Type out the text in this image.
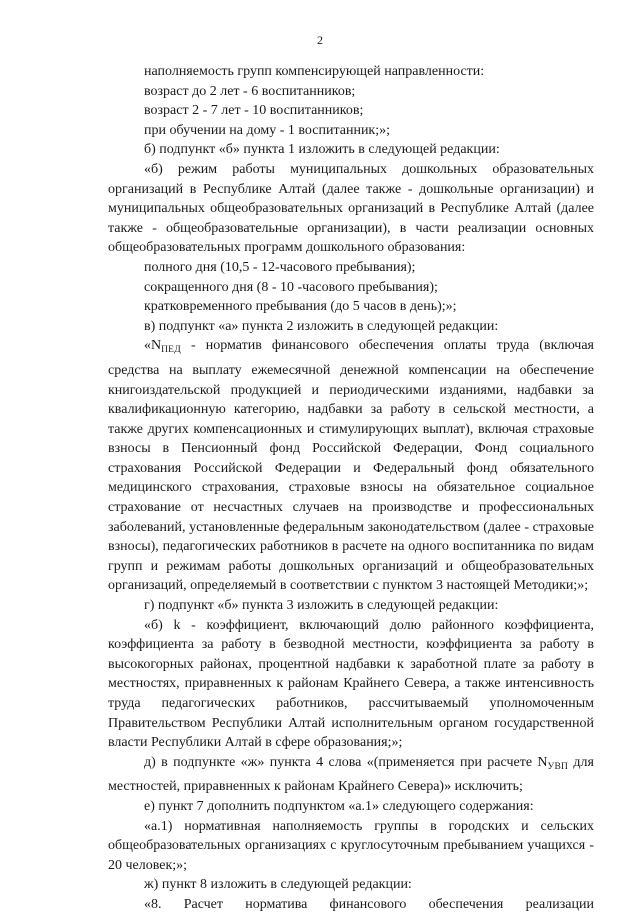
2

наполняемость групп компенсирующей направленности:

возраст до 2 лет - 6 воспитанников;

возраст 2 - 7 лет - 10 воспитанников;

при обучении на дому - 1 воспитанник;»;

б) подпункт «б» пункта 1 изложить в следующей редакции:

«б) режим работы муниципальных дошкольных образовательных организаций в Республике Алтай (далее также - дошкольные организации) и муниципальных общеобразовательных организаций в Республике Алтай (далее также - общеобразовательные организации), в части реализации основных общеобразовательных программ дошкольного образования:

полного дня (10,5 - 12-часового пребывания);

сокращенного дня (8 - 10 -часового пребывания);

кратковременного пребывания (до 5 часов в день);»;

в) подпункт «а» пункта 2 изложить в следующей редакции:

«$N_{ПЕД}$ - норматив финансового обеспечения оплаты труда (включая средства на выплату ежемесячной денежной компенсации на обеспечение книгоиздательской продукцией и периодическими изданиями, надбавки за квалификационную категорию, надбавки за работу в сельской местности, а также других компенсационных и стимулирующих выплат), включая страховые взносы в Пенсионный фонд Российской Федерации, Фонд социального страхования Российской Федерации и Федеральный фонд обязательного медицинского страхования, страховые взносы на обязательное социальное страхование от несчастных случаев на производстве и профессиональных заболеваний, установленные федеральным законодательством (далее - страховые взносы), педагогических работников в расчете на одного воспитанника по видам групп и режимам работы дошкольных организаций и общеобразовательных организаций, определяемый в соответствии с пунктом 3 настоящей Методики;»;

г) подпункт «б» пункта 3 изложить в следующей редакции:

«б) k - коэффициент, включающий долю районного коэффициента, коэффициента за работу в безводной местности, коэффициента за работу в высокогорных районах, процентной надбавки к заработной плате за работу в местностях, приравненных к районам Крайнего Севера, а также интенсивность труда педагогических работников, рассчитываемый уполномоченным Правительством Республики Алтай исполнительным органом государственной власти Республики Алтай в сфере образования;»;

д) в подпункте «ж» пункта 4 слова «(применяется при расчете $N_{УВП}$ для местностей, приравненных к районам Крайнего Севера)» исключить;

е) пункт 7 дополнить подпунктом «а.1» следующего содержания:

«а.1) нормативная наполняемость группы в городских и сельских общеобразовательных организациях с круглосуточным пребыванием учащихся - 20 человек;»;

ж) пункт 8 изложить в следующей редакции:

«8. Расчет норматива финансового обеспечения реализации
